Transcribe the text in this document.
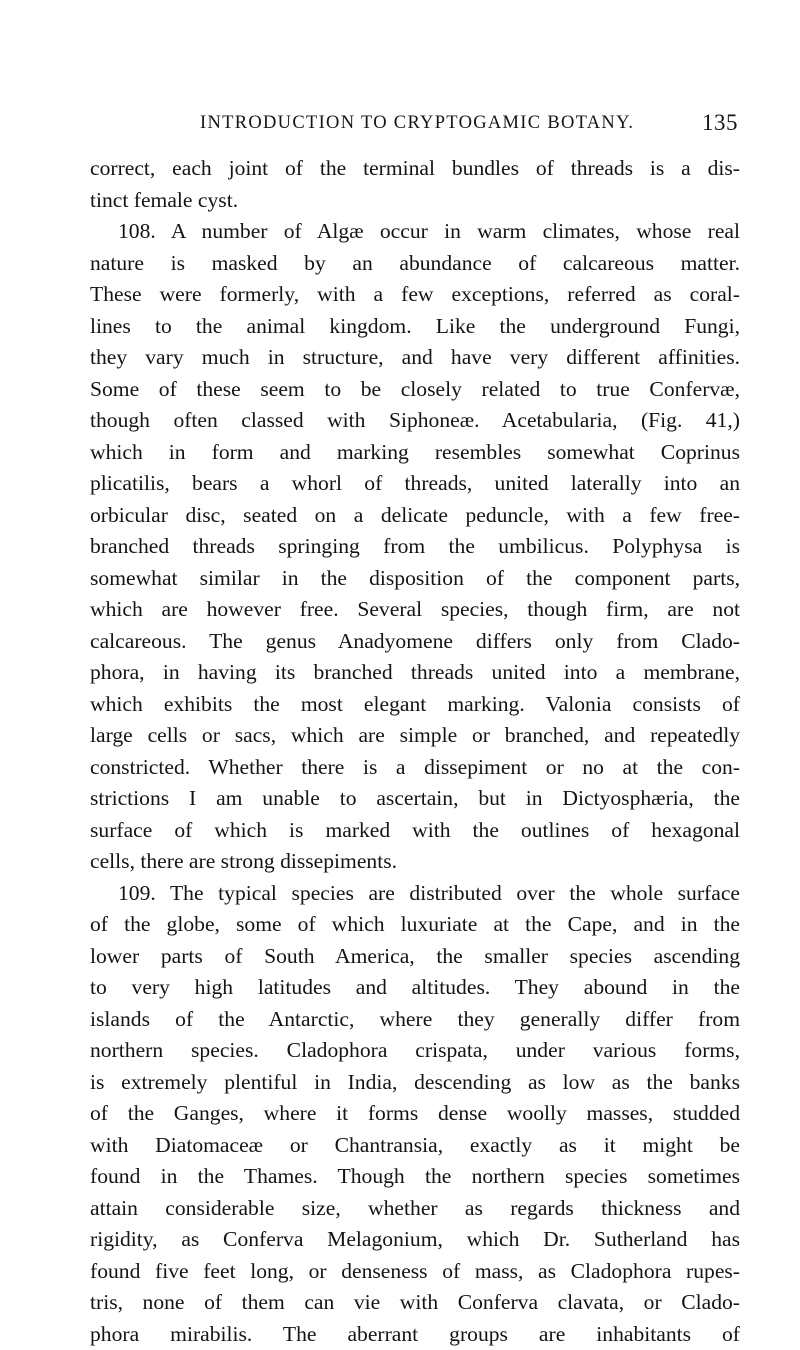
INTRODUCTION TO CRYPTOGAMIC BOTANY.	135
correct, each joint of the terminal bundles of threads is a dis-
tinct female cyst.
108. A number of Algæ occur in warm climates, whose real
nature is masked by an abundance of calcareous matter.
These were formerly, with a few exceptions, referred as coral-
lines to the animal kingdom. Like the underground Fungi,
they vary much in structure, and have very different affinities.
Some of these seem to be closely related to true Confervæ,
though often classed with Siphoneæ. Acetabularia, (Fig. 41,)
which in form and marking resembles somewhat Coprinus
plicatilis, bears a whorl of threads, united laterally into an
orbicular disc, seated on a delicate peduncle, with a few free-
branched threads springing from the umbilicus. Polyphysa is
somewhat similar in the disposition of the component parts,
which are however free. Several species, though firm, are not
calcareous. The genus Anadyomene differs only from Clado-
phora, in having its branched threads united into a membrane,
which exhibits the most elegant marking. Valonia consists of
large cells or sacs, which are simple or branched, and repeatedly
constricted. Whether there is a dissepiment or no at the con-
strictions I am unable to ascertain, but in Dictyosphæria, the
surface of which is marked with the outlines of hexagonal
cells, there are strong dissepiments.
109. The typical species are distributed over the whole surface
of the globe, some of which luxuriate at the Cape, and in the
lower parts of South America, the smaller species ascending
to very high latitudes and altitudes. They abound in the
islands of the Antarctic, where they generally differ from
northern species. Cladophora crispata, under various forms,
is extremely plentiful in India, descending as low as the banks
of the Ganges, where it forms dense woolly masses, studded
with Diatomaceæ or Chantransia, exactly as it might be
found in the Thames. Though the northern species sometimes
attain considerable size, whether as regards thickness and
rigidity, as Conferva Melagonium, which Dr. Sutherland has
found five feet long, or denseness of mass, as Cladophora rupes-
tris, none of them can vie with Conferva clavata, or Clado-
phora mirabilis. The aberrant groups are inhabitants of
